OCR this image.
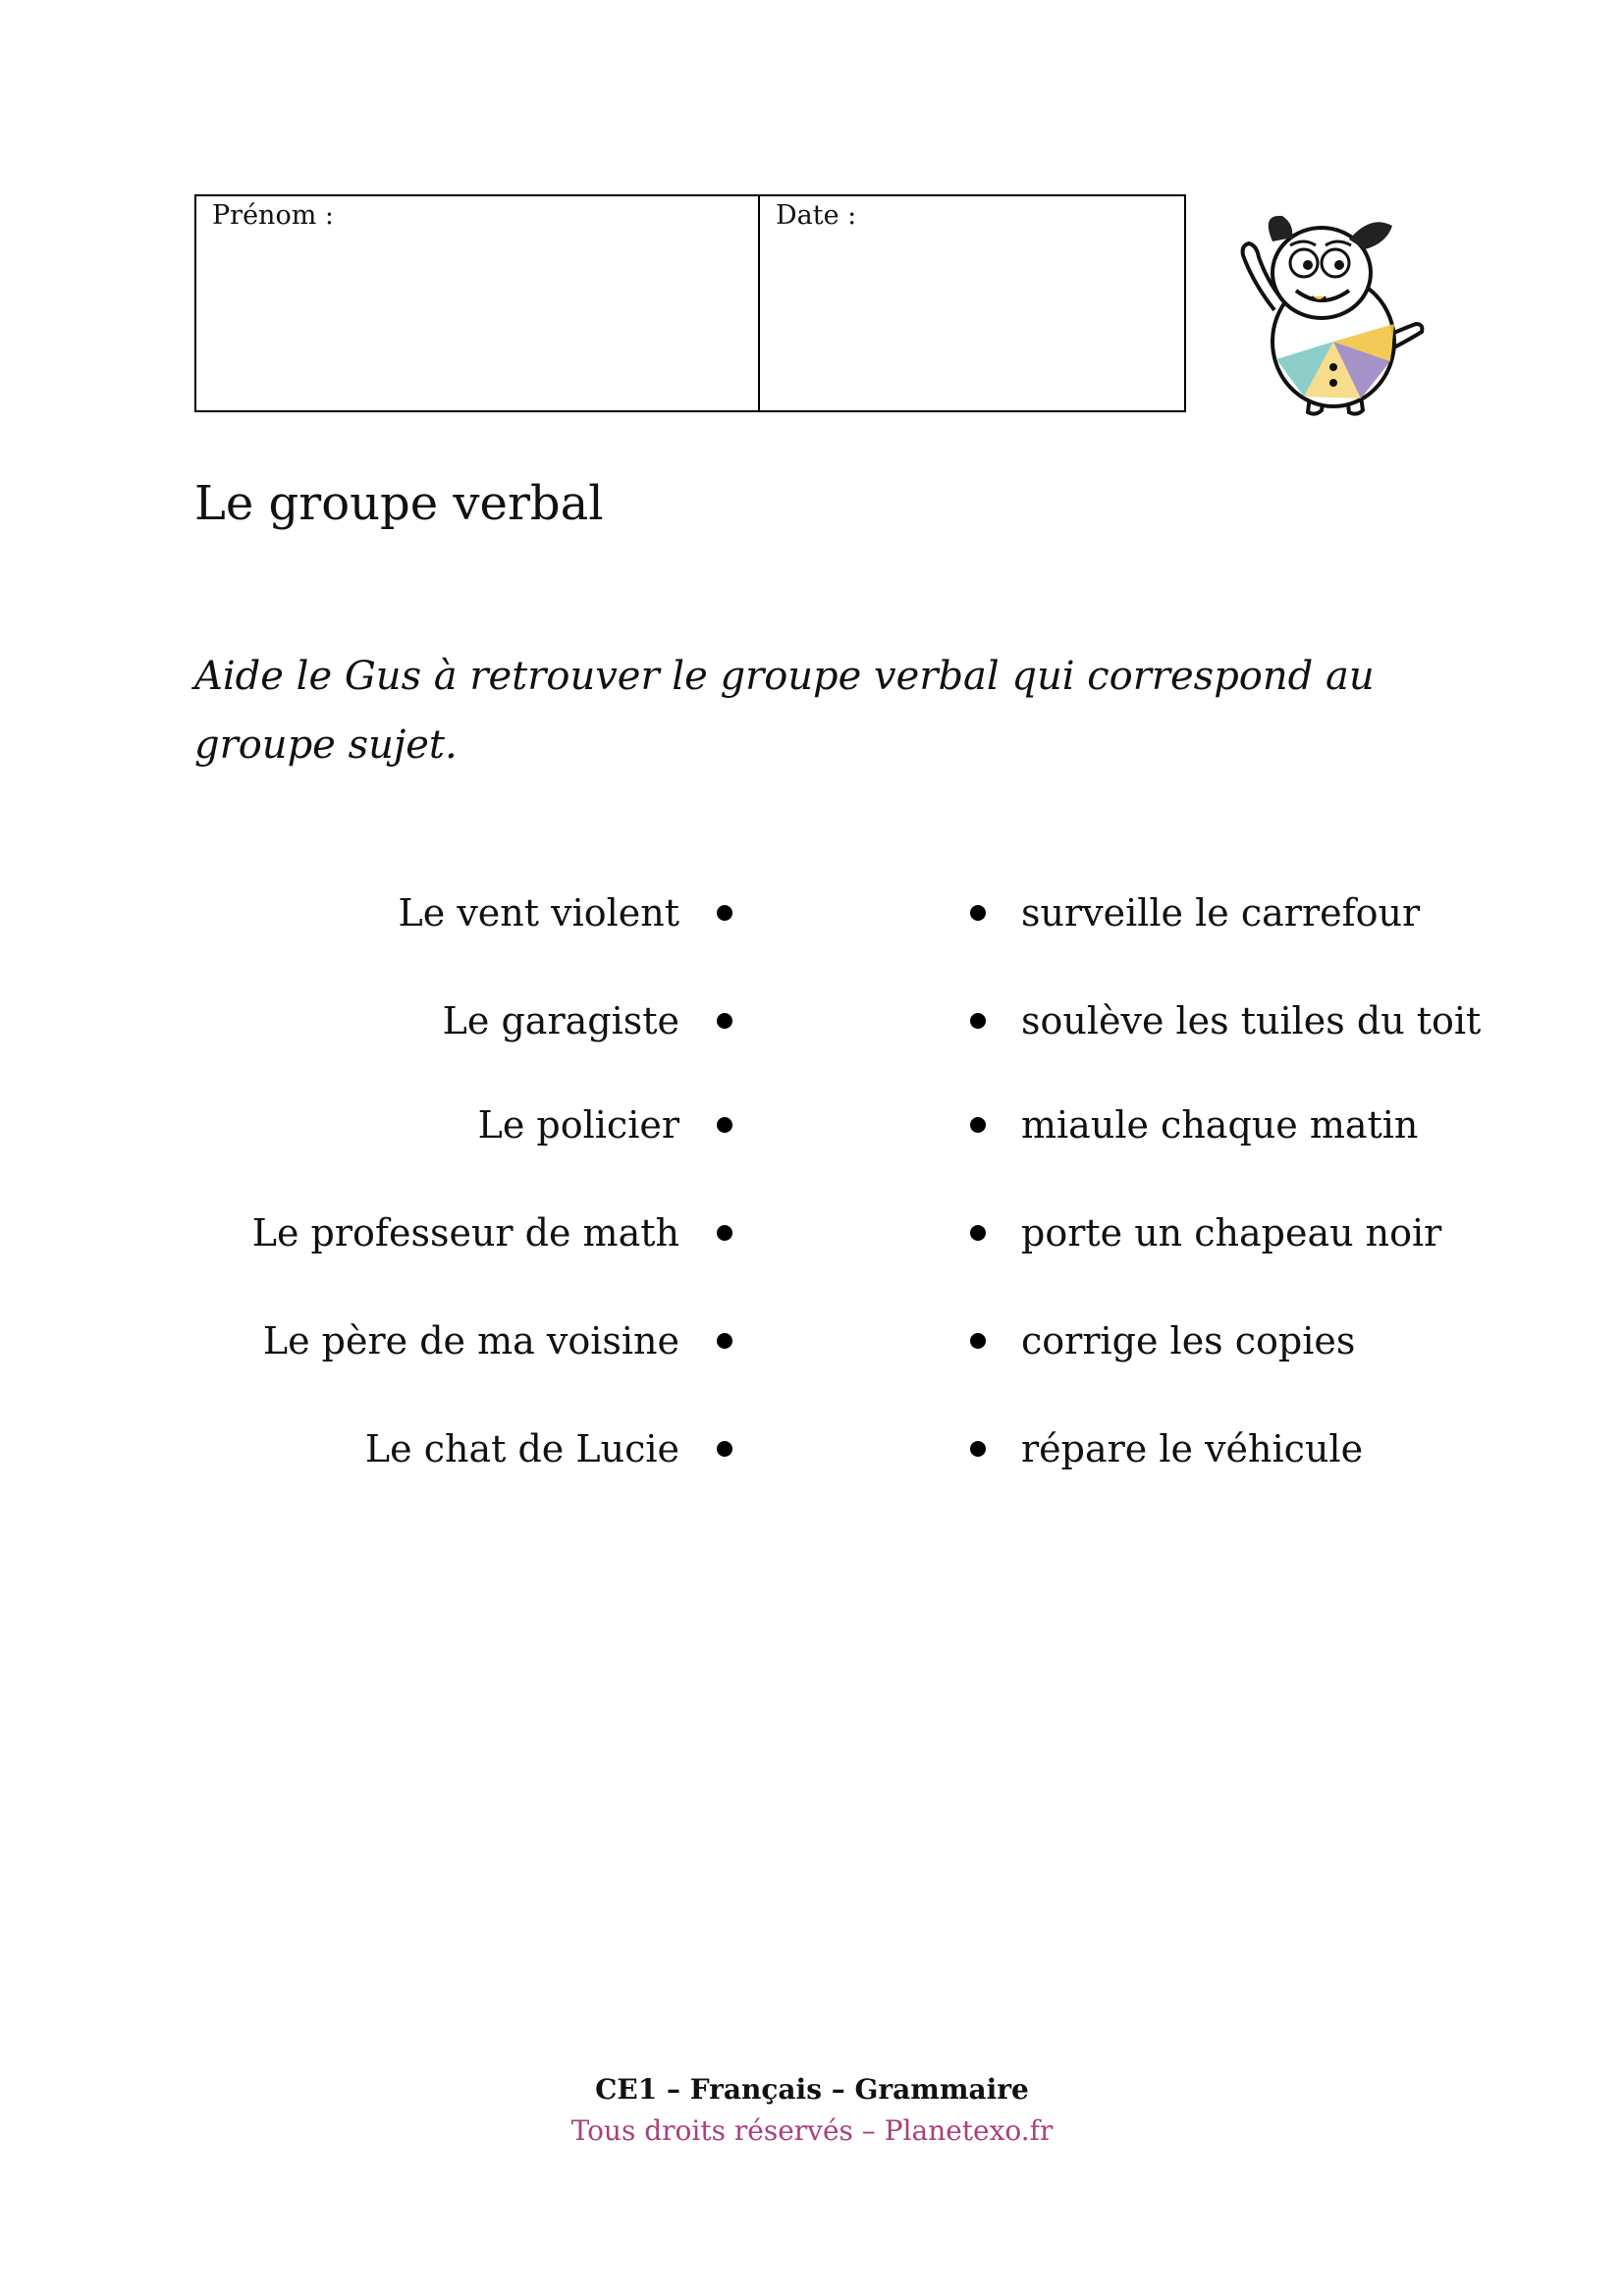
Prénom :	Date :
Le groupe verbal

Aide le Gus à retrouver le groupe verbal qui correspond au groupe sujet.

Le vent violent	surveille le carrefour
Le garagiste	soulève les tuiles du toit
Le policier	miaule chaque matin
Le professeur de math	porte un chapeau noir
Le père de ma voisine	corrige les copies
Le chat de Lucie	répare le véhicule
CE1 – Français – Grammaire
Tous droits réservés – Planetexo.fr
